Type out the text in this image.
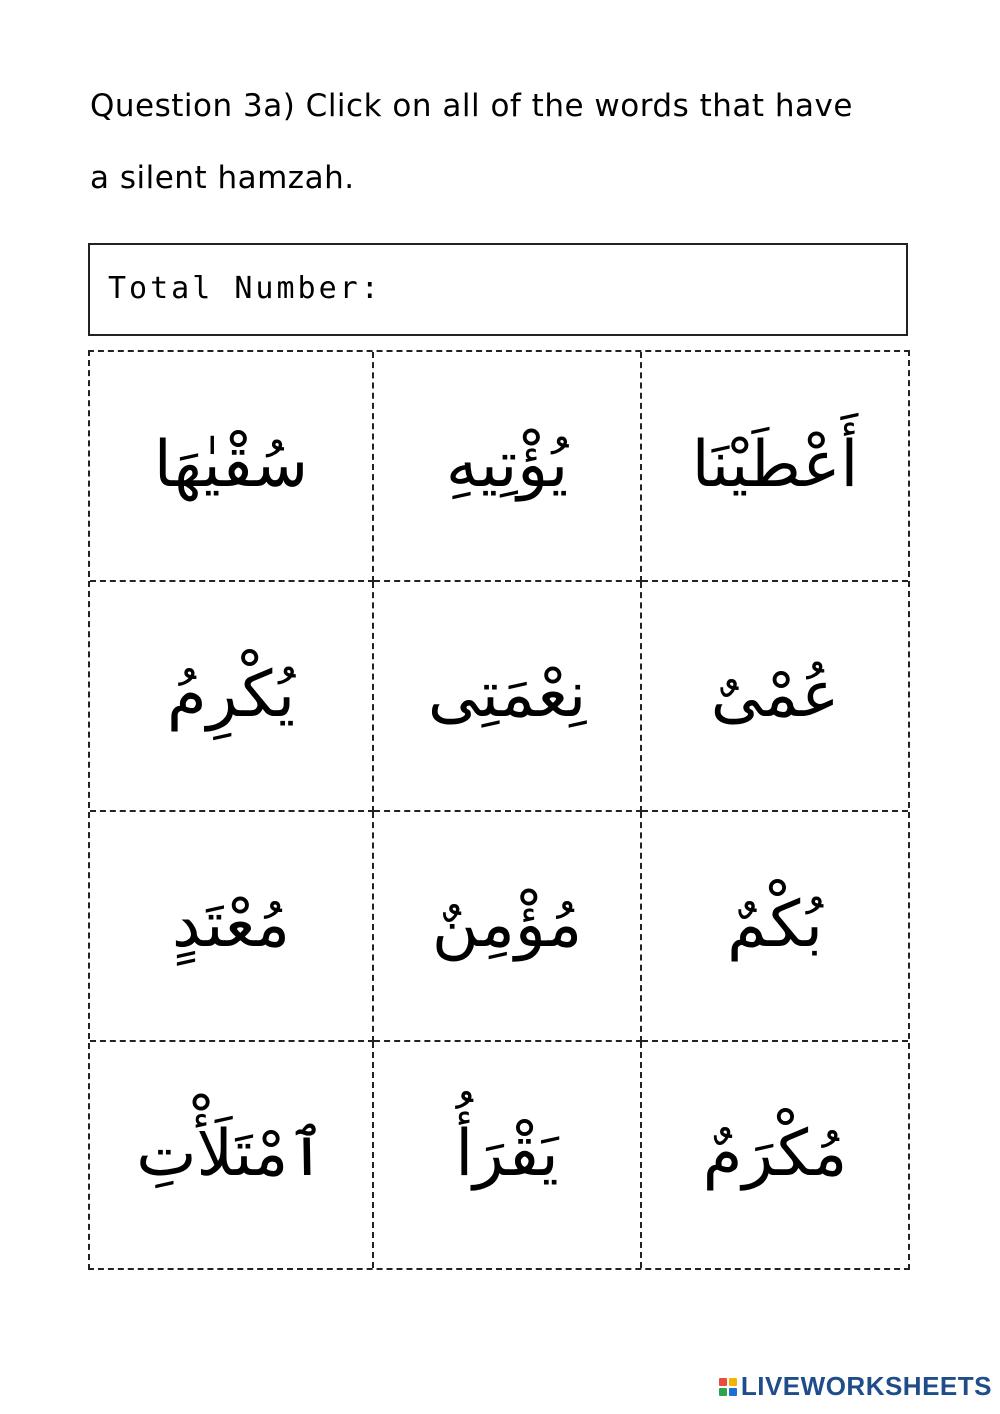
Question 3a) Click on all of the words that have
a silent hamzah.

Total Number:
سُقْيٰهَا يُؤْتِيهِ أَعْطَيْنَا
يُكْرِمُ نِعْمَتِى عُمْىٌ
مُعْتَدٍ مُؤْمِنٌ بُكْمٌ
ٱمْتَلَأْتِ يَقْرَأُ مُكْرَمٌ
LIVEWORKSHEETS
